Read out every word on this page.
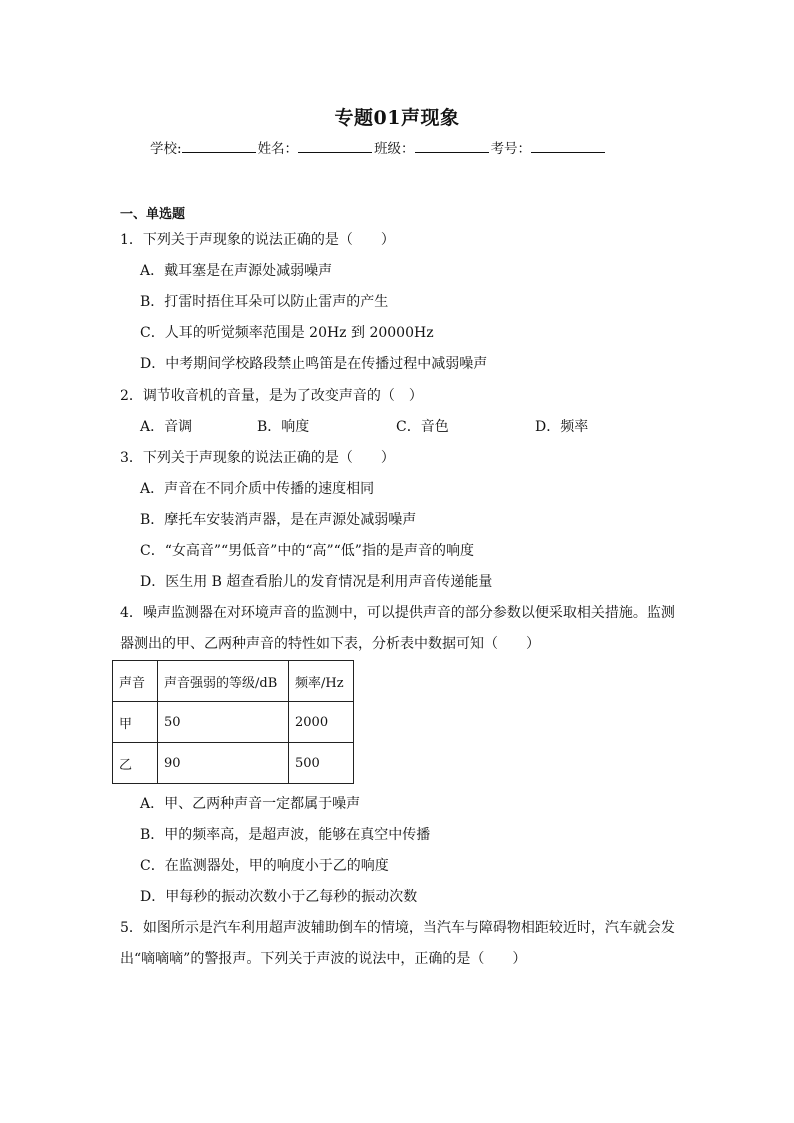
专题01声现象
学校:	姓名：	班级：	考号：
一、单选题
1．下列关于声现象的说法正确的是（　　）
A．戴耳塞是在声源处减弱噪声
B．打雷时捂住耳朵可以防止雷声的产生
C．人耳的听觉频率范围是 20Hz 到 20000Hz
D．中考期间学校路段禁止鸣笛是在传播过程中减弱噪声
2．调节收音机的音量，是为了改变声音的（　）
A．音调	B．响度	C．音色	D．频率
3．下列关于声现象的说法正确的是（　　）
A．声音在不同介质中传播的速度相同
B．摩托车安装消声器，是在声源处减弱噪声
C．“女高音”“男低音”中的“高”“低”指的是声音的响度
D．医生用 B 超查看胎儿的发育情况是利用声音传递能量
4．噪声监测器在对环境声音的监测中，可以提供声音的部分参数以便采取相关措施。监测
器测出的甲、乙两种声音的特性如下表，分析表中数据可知（　　）
声音	声音强弱的等级/dB	频率/Hz
甲	50	2000
乙	90	500
A．甲、乙两种声音一定都属于噪声
B．甲的频率高，是超声波，能够在真空中传播
C．在监测器处，甲的响度小于乙的响度
D．甲每秒的振动次数小于乙每秒的振动次数
5．如图所示是汽车利用超声波辅助倒车的情境，当汽车与障碍物相距较近时，汽车就会发
出“嘀嘀嘀”的警报声。下列关于声波的说法中，正确的是（　　）
